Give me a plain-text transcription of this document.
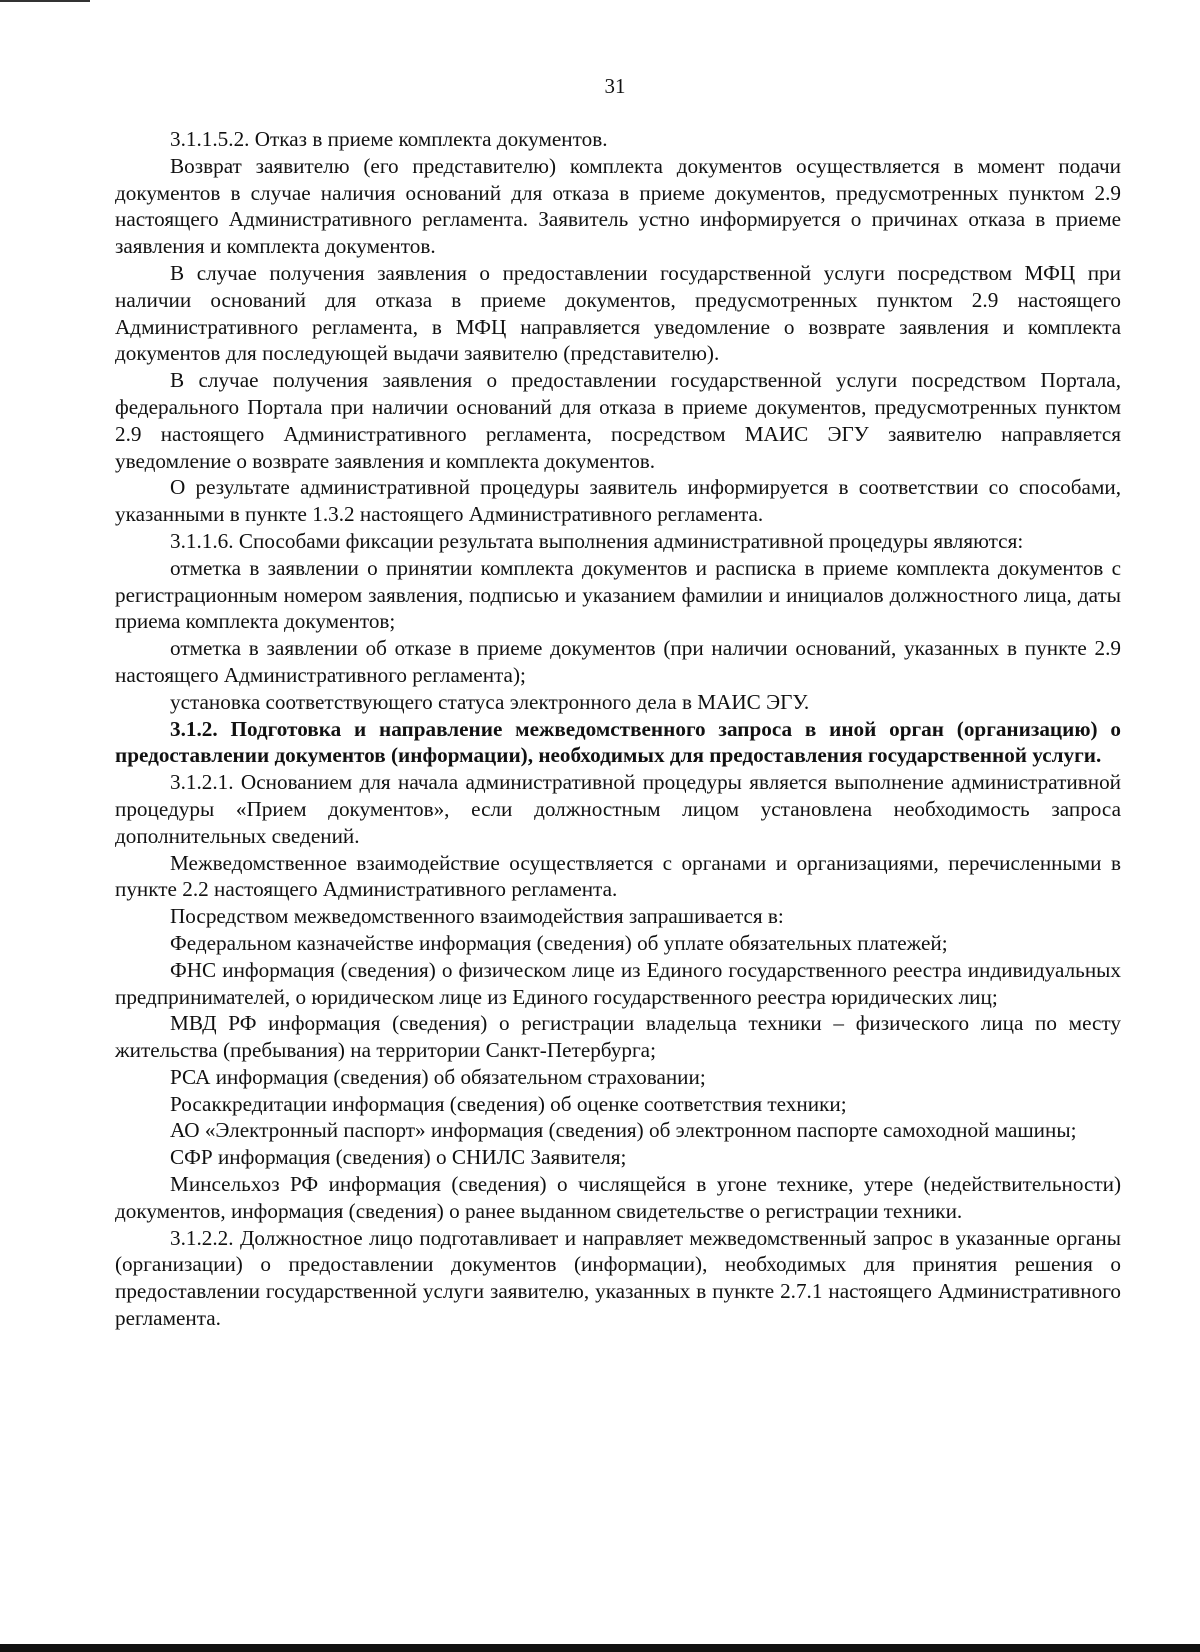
31

3.1.1.5.2. Отказ в приеме комплекта документов.

Возврат заявителю (его представителю) комплекта документов осуществляется в момент подачи документов в случае наличия оснований для отказа в приеме документов, предусмотренных пунктом 2.9 настоящего Административного регламента. Заявитель устно информируется о причинах отказа в приеме заявления и комплекта документов.

В случае получения заявления о предоставлении государственной услуги посредством МФЦ при наличии оснований для отказа в приеме документов, предусмотренных пунктом 2.9 настоящего Административного регламента, в МФЦ направляется уведомление о возврате заявления и комплекта документов для последующей выдачи заявителю (представителю).

В случае получения заявления о предоставлении государственной услуги посредством Портала, федерального Портала при наличии оснований для отказа в приеме документов, предусмотренных пунктом 2.9 настоящего Административного регламента, посредством МАИС ЭГУ заявителю направляется уведомление о возврате заявления и комплекта документов.

О результате административной процедуры заявитель информируется в соответствии со способами, указанными в пункте 1.3.2 настоящего Административного регламента.

3.1.1.6. Способами фиксации результата выполнения административной процедуры являются:

отметка в заявлении о принятии комплекта документов и расписка в приеме комплекта документов с регистрационным номером заявления, подписью и указанием фамилии и инициалов должностного лица, даты приема комплекта документов;

отметка в заявлении об отказе в приеме документов (при наличии оснований, указанных в пункте 2.9 настоящего Административного регламента);

установка соответствующего статуса электронного дела в МАИС ЭГУ.

3.1.2. Подготовка и направление межведомственного запроса в иной орган (организацию) о предоставлении документов (информации), необходимых для предоставления государственной услуги.

3.1.2.1. Основанием для начала административной процедуры является выполнение административной процедуры «Прием документов», если должностным лицом установлена необходимость запроса дополнительных сведений.

Межведомственное взаимодействие осуществляется с органами и организациями, перечисленными в пункте 2.2 настоящего Административного регламента.

Посредством межведомственного взаимодействия запрашивается в:

Федеральном казначействе информация (сведения) об уплате обязательных платежей;

ФНС информация (сведения) о физическом лице из Единого государственного реестра индивидуальных предпринимателей, о юридическом лице из Единого государственного реестра юридических лиц;

МВД РФ информация (сведения) о регистрации владельца техники – физического лица по месту жительства (пребывания) на территории Санкт-Петербурга;

РСА информация (сведения) об обязательном страховании;

Росаккредитации информация (сведения) об оценке соответствия техники;

АО «Электронный паспорт» информация (сведения) об электронном паспорте самоходной машины;

СФР информация (сведения) о СНИЛС Заявителя;

Минсельхоз РФ информация (сведения) о числящейся в угоне технике, утере (недействительности) документов, информация (сведения) о ранее выданном свидетельстве о регистрации техники.

3.1.2.2. Должностное лицо подготавливает и направляет межведомственный запрос в указанные органы (организации) о предоставлении документов (информации), необходимых для принятия решения о предоставлении государственной услуги заявителю, указанных в пункте 2.7.1 настоящего Административного регламента.
